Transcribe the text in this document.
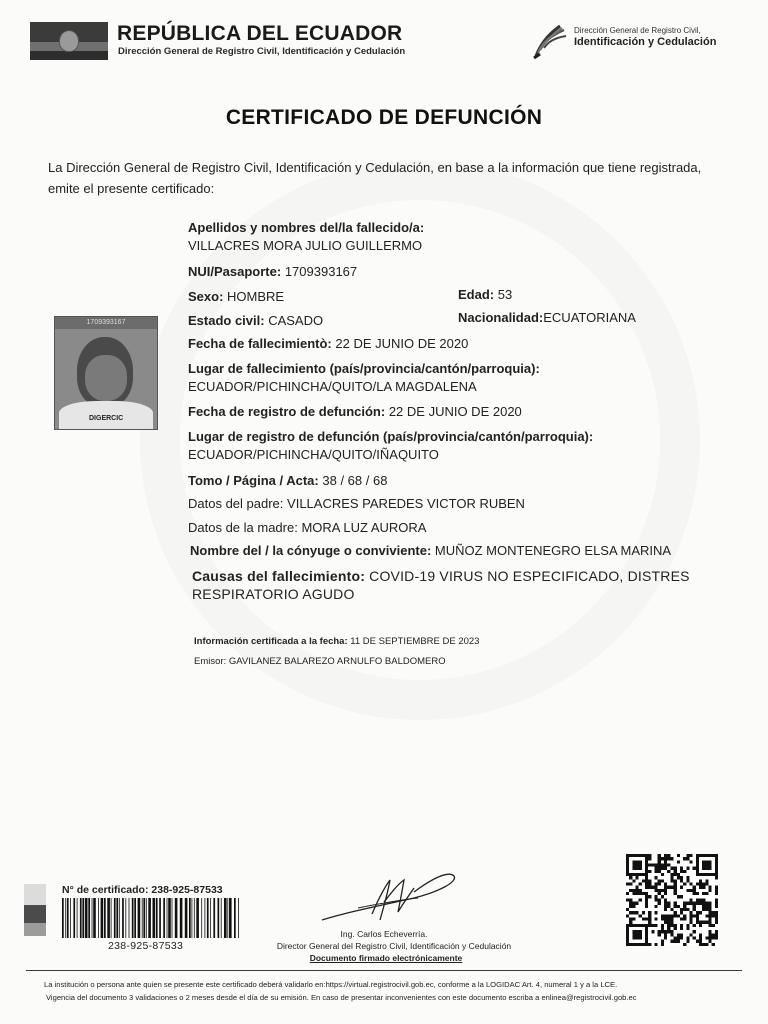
REPÚBLICA DEL ECUADOR
Dirección General de Registro Civil, Identificación y Cedulación
Dirección General de Registro Civil,
Identificación y Cedulación
CERTIFICADO DE DEFUNCIÓN
La Dirección General de Registro Civil, Identificación y Cedulación, en base a la información que tiene registrada, emite el presente certificado:
1709393167
DIGERCIC
Apellidos y nombres del/la fallecido/a:
VILLACRES MORA JULIO GUILLERMO
NUI/Pasaporte: 1709393167
Sexo: HOMBRE	Edad: 53
Estado civil: CASADO	Nacionalidad:ECUATORIANA
Fecha de fallecimientò: 22 DE JUNIO DE 2020
Lugar de fallecimiento (país/provincia/cantón/parroquia):
ECUADOR/PICHINCHA/QUITO/LA MAGDALENA
Fecha de registro de defunción: 22 DE JUNIO DE 2020
Lugar de registro de defunción (país/provincia/cantón/parroquia):
ECUADOR/PICHINCHA/QUITO/IÑAQUITO
Tomo / Página / Acta: 38 / 68 / 68
Datos del padre: VILLACRES PAREDES VICTOR RUBEN
Datos de la madre: MORA LUZ AURORA
Nombre del / la cónyuge o conviviente: MUÑOZ MONTENEGRO ELSA MARINA
Causas del fallecimiento: COVID-19 VIRUS NO ESPECIFICADO, DISTRES
RESPIRATORIO AGUDO
Información certificada a la fecha: 11 DE SEPTIEMBRE DE 2023
Emisor: GAVILANEZ BALAREZO ARNULFO BALDOMERO
N° de certificado: 238-925-87533
238-925-87533
Ing. Carlos Echeverría.
Director General del Registro Civil, Identificación y Cedulación
Documento firmado electrónicamente
La institución o persona ante quien se presente este certificado deberá validarlo en:https://virtual.registrocivil.gob.ec, conforme a la LOGIDAC Art. 4, numeral 1 y a la LCE.
Vigencia del documento 3 validaciones o 2 meses desde el día de su emisión. En caso de presentar inconvenientes con este documento escriba a enlinea@registrocivil.gob.ec
